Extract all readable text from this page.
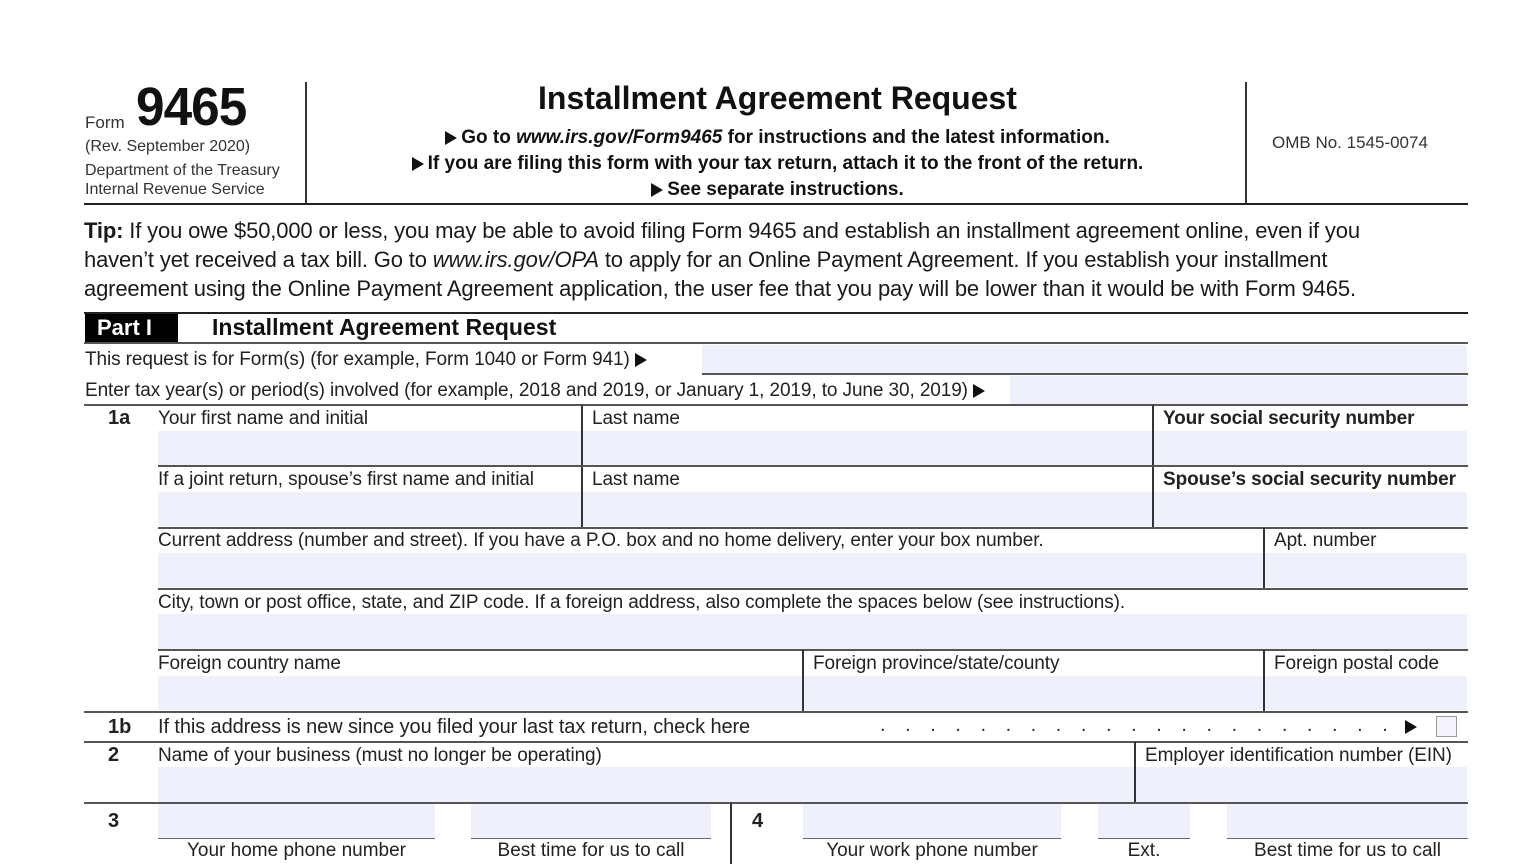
Form 9465
(Rev. September 2020)
Department of the Treasury
Internal Revenue Service
Installment Agreement Request
Go to www.irs.gov/Form9465 for instructions and the latest information.
If you are filing this form with your tax return, attach it to the front of the return.
See separate instructions.
OMB No. 1545-0074
Tip: If you owe $50,000 or less, you may be able to avoid filing Form 9465 and establish an installment agreement online, even if you
haven’t yet received a tax bill. Go to www.irs.gov/OPA to apply for an Online Payment Agreement. If you establish your installment
agreement using the Online Payment Agreement application, the user fee that you pay will be lower than it would be with Form 9465.
Part I	Installment Agreement Request
This request is for Form(s) (for example, Form 1040 or Form 941)
Enter tax year(s) or period(s) involved (for example, 2018 and 2019, or January 1, 2019, to June 30, 2019)
1a Your first name and initial	Last name	Your social security number
If a joint return, spouse’s first name and initial	Last name	Spouse’s social security number
Current address (number and street). If you have a P.O. box and no home delivery, enter your box number.	Apt. number
City, town or post office, state, and ZIP code. If a foreign address, also complete the spaces below (see instructions).
Foreign country name	Foreign province/state/county	Foreign postal code
1b If this address is new since you filed your last tax return, check here	. . . . . . . . . . . . . . . . . . . . .
2 Name of your business (must no longer be operating)	Employer identification number (EIN)
3
Your home phone number	Best time for us to call
4
Your work phone number	Ext.	Best time for us to call
